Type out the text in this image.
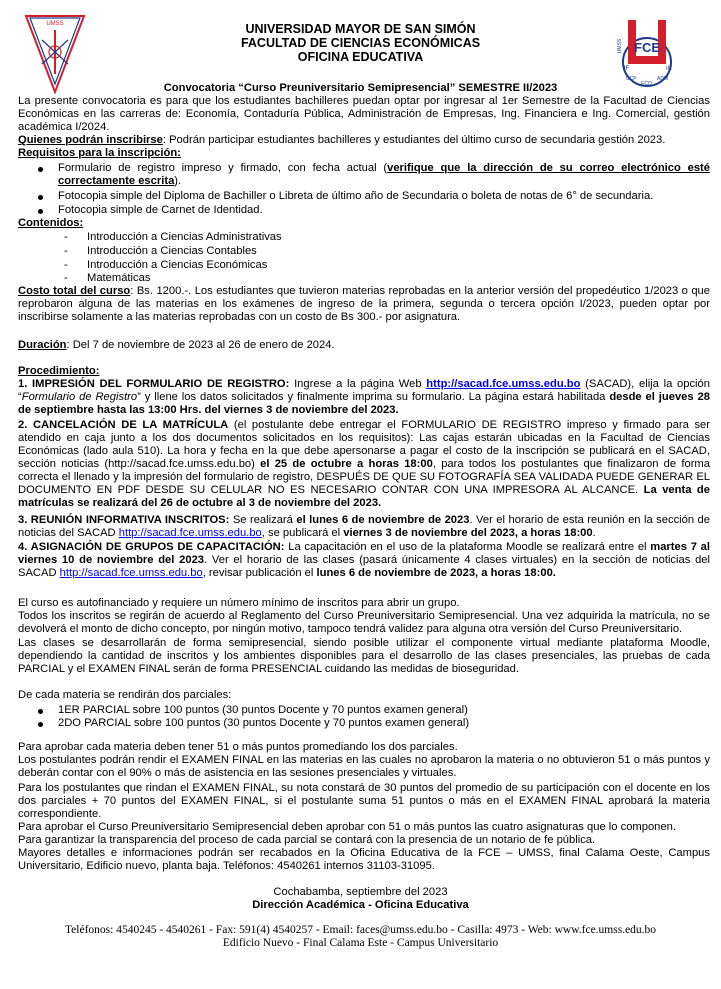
UMSS
FCE
UMSS
IF	IC
CCP
ECO
ADM
UNIVERSIDAD MAYOR DE SAN SIMÓN
FACULTAD DE CIENCIAS ECONÓMICAS
OFICINA EDUCATIVA
Convocatoria “Curso Preuniversitario Semipresencial” SEMESTRE II/2023
La presente convocatoria es para que los estudiantes bachilleres puedan optar por ingresar al 1er Semestre de la Facultad de Ciencias Económicas en las carreras de: Economía, Contaduría Pública, Administración de Empresas, Ing. Financiera e Ing. Comercial, gestión académica I/2024.
Quienes podrán inscribirse: Podrán participar estudiantes bachilleres y estudiantes del último curso de secundaria gestión 2023.
Requisitos para la inscripción:
Formulario de registro impreso y firmado, con fecha actual (verifique que la dirección de su correo electrónico esté correctamente escrita).
Fotocopia simple del Diploma de Bachiller o Libreta de último año de Secundaria o boleta de notas de 6° de secundaria.
Fotocopia simple de Carnet de Identidad.
Contenidos:
- Introducción a Ciencias Administrativas
- Introducción a Ciencias Contables
- Introducción a Ciencias Económicas
- Matemáticas
Costo total del curso: Bs. 1200.-. Los estudiantes que tuvieron materias reprobadas en la anterior versión del propedéutico 1/2023 o que reprobaron alguna de las materias en los exámenes de ingreso de la primera, segunda o tercera opción I/2023, pueden optar por inscribirse solamente a las materias reprobadas con un costo de Bs 300.- por asignatura.
Duración: Del 7 de noviembre de 2023 al 26 de enero de 2024.
Procedimiento:
1. IMPRESIÓN DEL FORMULARIO DE REGISTRO: Ingrese a la página Web http://sacad.fce.umss.edu.bo (SACAD), elija la opción “Formulario de Registro” y llene los datos solicitados y finalmente imprima su formulario. La página estará habilitada desde el jueves 28 de septiembre hasta las 13:00 Hrs. del viernes 3 de noviembre del 2023.
2. CANCELACIÓN DE LA MATRÍCULA (el postulante debe entregar el FORMULARIO DE REGISTRO impreso y firmado para ser atendido en caja junto a los dos documentos solicitados en los requisitos): Las cajas estarán ubicadas en la Facultad de Ciencias Económicas (lado aula 510). La hora y fecha en la que debe apersonarse a pagar el costo de la inscripción se publicará en el SACAD, sección noticias (http://sacad.fce.umss.edu.bo) el 25 de octubre a horas 18:00, para todos los postulantes que finalizaron de forma correcta el llenado y la impresión del formulario de registro, DESPUÉS DE QUE SU FOTOGRAFÍA SEA VALIDADA PUEDE GENERAR EL DOCUMENTO EN PDF DESDE SU CELULAR NO ES NECESARIO CONTAR CON UNA IMPRESORA AL ALCANCE. La venta de matrículas se realizará del 26 de octubre al 3 de noviembre del 2023.
3. REUNIÓN INFORMATIVA INSCRITOS: Se realizará el lunes 6 de noviembre de 2023. Ver el horario de esta reunión en la sección de noticias del SACAD http://sacad.fce.umss.edu.bo, se publicará el viernes 3 de noviembre del 2023, a horas 18:00.
4. ASIGNACIÓN DE GRUPOS DE CAPACITACIÓN: La capacitación en el uso de la plataforma Moodle se realizará entre el martes 7 al viernes 10 de noviembre del 2023. Ver el horario de las clases (pasará únicamente 4 clases virtuales) en la sección de noticias del SACAD http://sacad.fce.umss.edu.bo, revisar publicación el lunes 6 de noviembre de 2023, a horas 18:00.
El curso es autofinanciado y requiere un número mínimo de inscritos para abrir un grupo.
Todos los inscritos se regirán de acuerdo al Reglamento del Curso Preuniversitario Semipresencial. Una vez adquirida la matrícula, no se devolverá el monto de dicho concepto, por ningún motivo, tampoco tendrá validez para alguna otra versión del Curso Preuniversitario.
Las clases se desarrollarán de forma semipresencial, siendo posible utilizar el componente virtual mediante plataforma Moodle, dependiendo la cantidad de inscritos y los ambientes disponibles para el desarrollo de las clases presenciales, las pruebas de cada PARCIAL y el EXAMEN FINAL serán de forma PRESENCIAL cuidando las medidas de bioseguridad.
De cada materia se rendirán dos parciales:
1ER PARCIAL sobre 100 puntos (30 puntos Docente y 70 puntos examen general)
2DO PARCIAL sobre 100 puntos (30 puntos Docente y 70 puntos examen general)
Para aprobar cada materia deben tener 51 o más puntos promediando los dos parciales.
Los postulantes podrán rendir el EXAMEN FINAL en las materias en las cuales no aprobaron la materia o no obtuvieron 51 o más puntos y deberán contar con el 90% o más de asistencia en las sesiones presenciales y virtuales.
Para los postulantes que rindan el EXAMEN FINAL, su nota constará de 30 puntos del promedio de su participación con el docente en los dos parciales + 70 puntos del EXAMEN FINAL, si el postulante suma 51 puntos o más en el EXAMEN FINAL aprobará la materia correspondiente.
Para aprobar el Curso Preuniversitario Semipresencial deben aprobar con 51 o más puntos las cuatro asignaturas que lo componen.
Para garantizar la transparencia del proceso de cada parcial se contará con la presencia de un notario de fe pública.
Mayores detalles e informaciones podrán ser recabados en la Oficina Educativa de la FCE – UMSS, final Calama Oeste, Campus Universitario, Edificio nuevo, planta baja. Teléfonos: 4540261 internos 31103-31095.
Cochabamba, septiembre del 2023
Dirección Académica - Oficina Educativa
Teléfonos: 4540245 - 4540261 - Fax: 591(4) 4540257 - Email: faces@umss.edu.bo - Casilla: 4973 - Web: www.fce.umss.edu.bo
Edificio Nuevo - Final Calama Este - Campus Universitario
